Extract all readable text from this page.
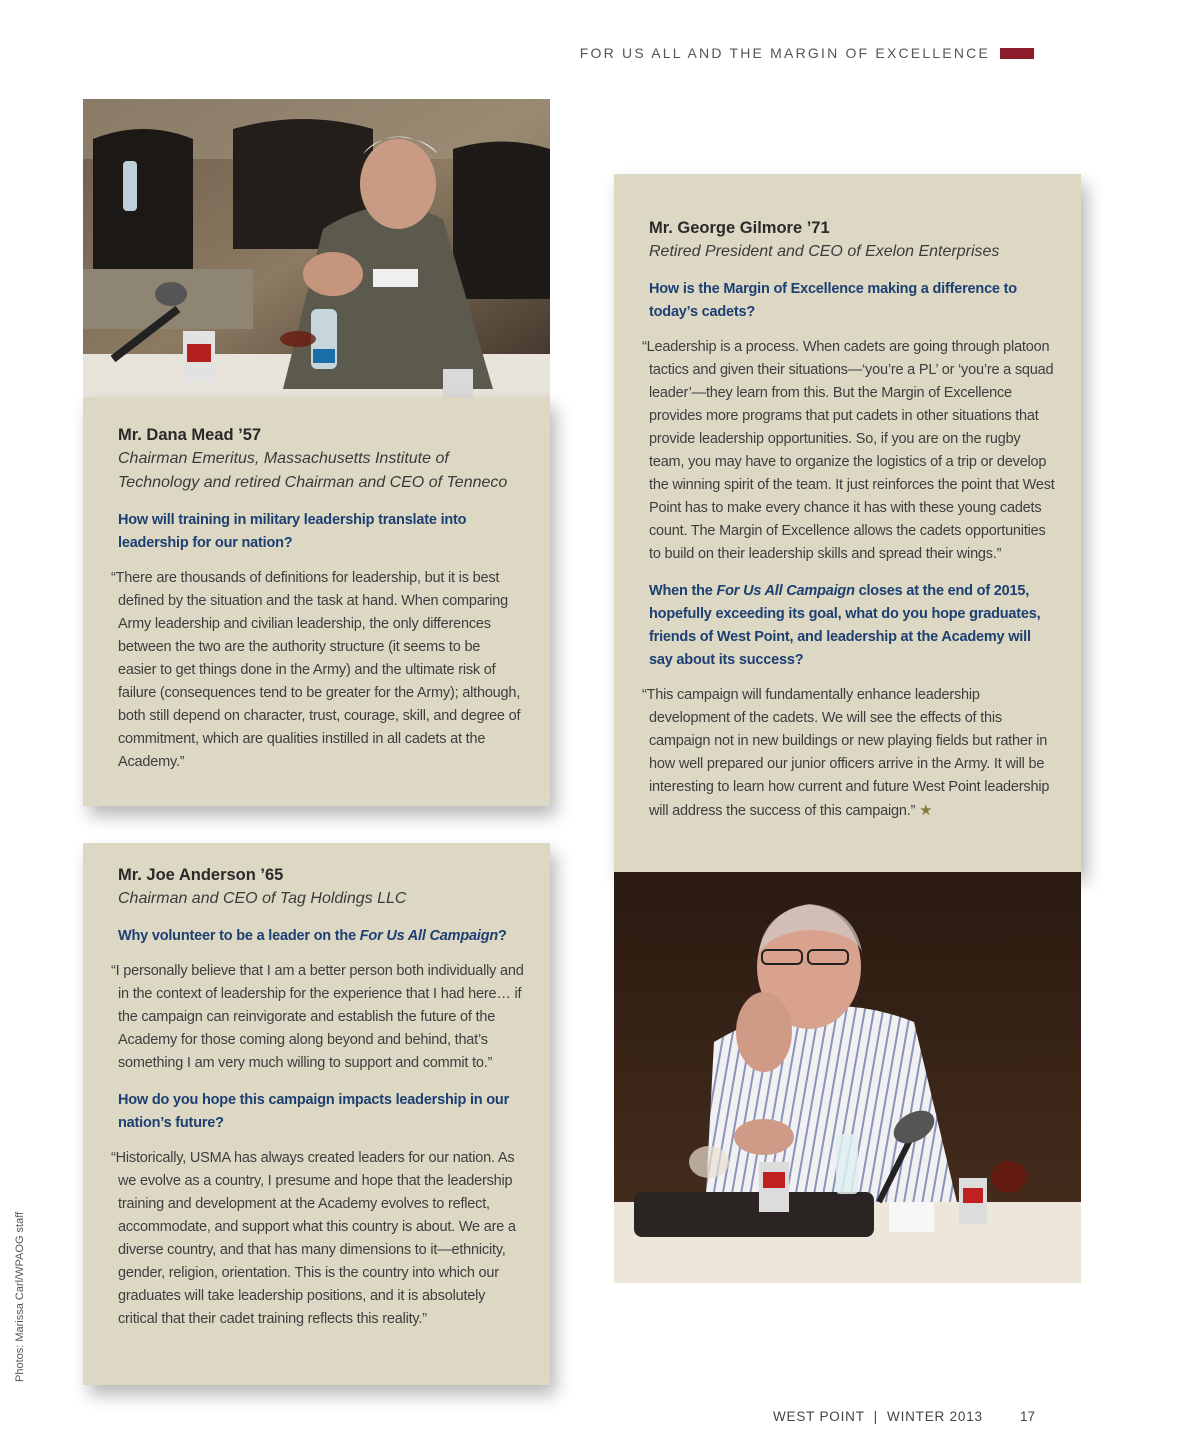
FOR US ALL AND THE MARGIN OF EXCELLENCE

Mr. Dana Mead ’57

Chairman Emeritus, Massachusetts Institute of Technology and retired Chairman and CEO of Tenneco

How will training in military leadership translate into leadership for our nation?

“There are thousands of definitions for leadership, but it is best defined by the situation and the task at hand. When comparing Army leadership and civilian leadership, the only differences between the two are the authority structure (it seems to be easier to get things done in the Army) and the ultimate risk of failure (consequences tend to be greater for the Army); although, both still depend on character, trust, courage, skill, and degree of commitment, which are qualities instilled in all cadets at the Academy.”

Mr. Joe Anderson ’65

Chairman and CEO of Tag Holdings LLC

Why volunteer to be a leader on the For Us All Campaign?

“I personally believe that I am a better person both individually and in the context of leadership for the experience that I had here… if the campaign can reinvigorate and establish the future of the Academy for those coming along beyond and behind, that’s something I am very much willing to support and commit to.”

How do you hope this campaign impacts leadership in our nation’s future?

“Historically, USMA has always created leaders for our nation. As we evolve as a country, I presume and hope that the leadership training and development at the Academy evolves to reflect, accommodate, and support what this country is about. We are a diverse country, and that has many dimensions to it—ethnicity, gender, religion, orientation. This is the country into which our graduates will take leadership positions, and it is absolutely critical that their cadet training reflects this reality.”

Mr. George Gilmore ’71

Retired President and CEO of Exelon Enterprises

How is the Margin of Excellence making a difference to today’s cadets?

“Leadership is a process. When cadets are going through platoon tactics and given their situations—‘you’re a PL’ or ‘you’re a squad leader’—they learn from this. But the Margin of Excellence provides more programs that put cadets in other situations that provide leadership opportunities. So, if you are on the rugby team, you may have to organize the logistics of a trip or develop the winning spirit of the team. It just reinforces the point that West Point has to make every chance it has with these young cadets count. The Margin of Excellence allows the cadets opportunities to build on their leadership skills and spread their wings.”

When the For Us All Campaign closes at the end of 2015, hopefully exceeding its goal, what do you hope graduates, friends of West Point, and leadership at the Academy will say about its success?

“This campaign will fundamentally enhance leadership development of the cadets. We will see the effects of this campaign not in new buildings or new playing fields but rather in how well prepared our junior officers arrive in the Army. It will be interesting to learn how current and future West Point leadership will address the success of this campaign.” ★

Photos: Marissa Carl/WPAOG staff
WEST POINT  |  WINTER 2013	17
